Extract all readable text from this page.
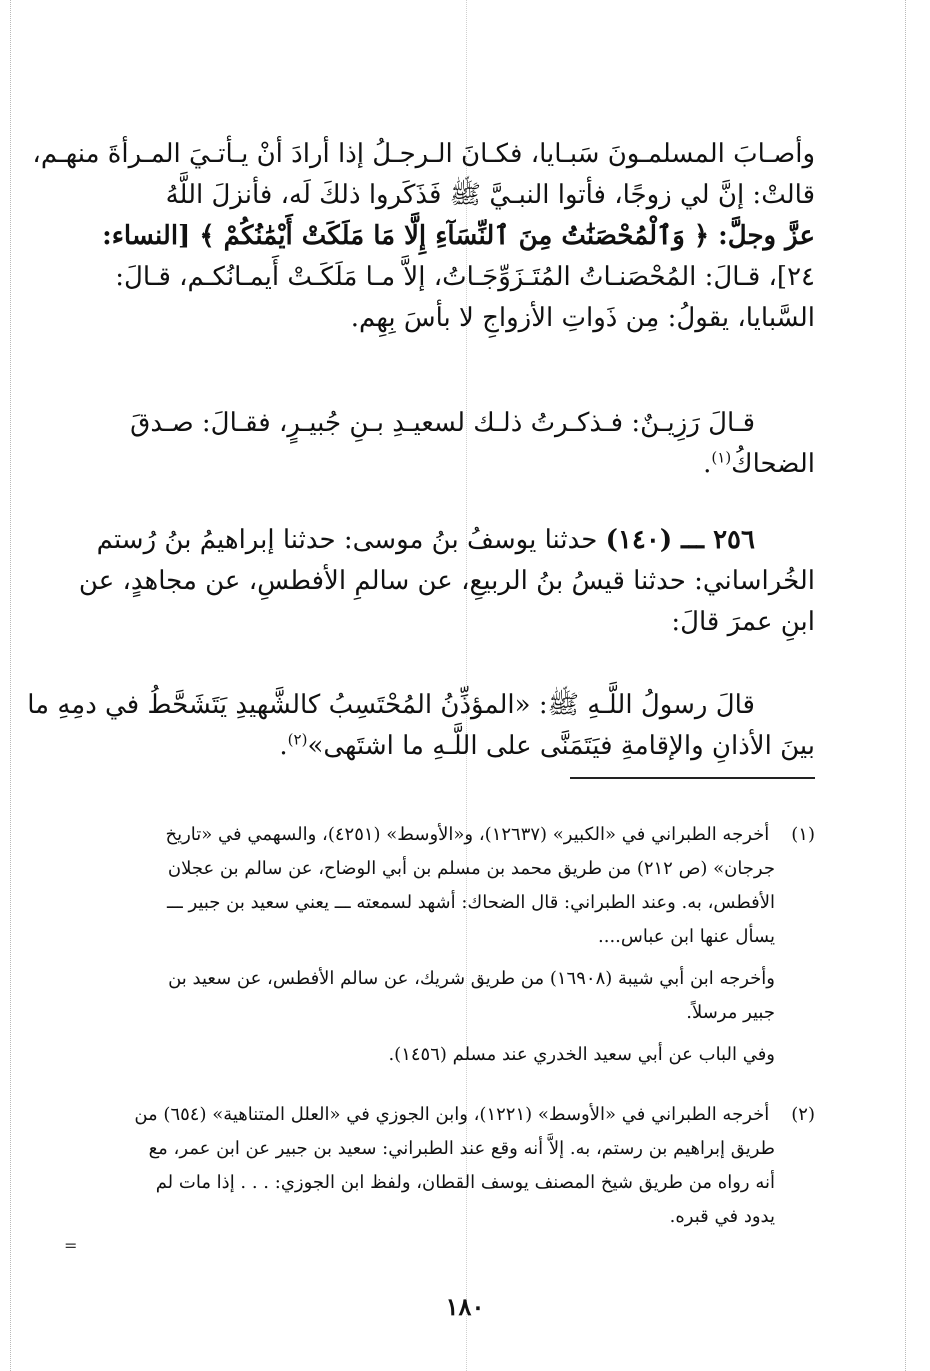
وأصـابَ المسلمـونَ سَبـايا، فكـانَ الـرجـلُ إذا أرادَ أنْ يـأتـيَ المـرأةَ منهـم،
قالتْ: إنَّ لي زوجًا، فأتوا النبـيَّ ﷺ فَذَكَروا ذلكَ لَه، فأنزلَ اللَّهُ
عزَّ وجلَّ: ﴿ وَٱلْمُحْصَنَٰتُ مِنَ ٱلنِّسَآءِ إِلَّا مَا مَلَكَتْ أَيْمَٰنُكُمْ ﴾ [النساء:
٢٤]، قـالَ: المُحْصَنـاتُ المُتَـزَوِّجَـاتُ، إلاَّ مـا مَلَكَـتْ أَيمـانُكـم، قـالَ:
السَّبايا، يقولُ: مِن ذَواتِ الأزواجِ لا بأسَ بِهِم.
قـالَ رَزِيـنٌ: فـذكـرتُ ذلـك لسعيـدِ بـنِ جُبيـرٍ، فقـالَ: صـدقَ
الضحاكُ$^{(١)}$.
٢٥٦ ـــ (١٤٠) حدثنا يوسفُ بنُ موسى: حدثنا إبراهيمُ بنُ رُستم
الخُراساني: حدثنا قيسُ بنُ الربيعِ، عن سالمِ الأفطسِ، عن مجاهدٍ، عن
ابنِ عمرَ قالَ:
قالَ رسولُ اللَّـهِ ﷺ: «المؤذِّنُ المُحْتَسِبُ كالشَّهيدِ يَتَشَحَّطُ في دمِهِ ما
بينَ الأذانِ والإقامةِ فيَتَمَنَّى على اللَّـهِ ما اشتَهى»$^{(٢)}$.
(١) أخرجه الطبراني في «الكبير» (١٢٦٣٧)، و«الأوسط» (٤٢٥١)، والسهمي في «تاريخ
جرجان» (ص ٢١٢) من طريق محمد بن مسلم بن أبي الوضاح، عن سالم بن عجلان
الأفطس، به. وعند الطبراني: قال الضحاك: أشهد لسمعته ـــ يعني سعيد بن جبير ـــ
يسأل عنها ابن عباس....
وأخرجه ابن أبي شيبة (١٦٩٠٨) من طريق شريك، عن سالم الأفطس، عن سعيد بن
جبير مرسلاً.
وفي الباب عن أبي سعيد الخدري عند مسلم (١٤٥٦).
(٢) أخرجه الطبراني في «الأوسط» (١٢٢١)، وابن الجوزي في «العلل المتناهية» (٦٥٤) من
طريق إبراهيم بن رستم، به. إلاَّ أنه وقع عند الطبراني: سعيد بن جبير عن ابن عمر، مع
أنه رواه من طريق شيخ المصنف يوسف القطان، ولفظ ابن الجوزي: . . . إذا مات لم
يدود في قبره.
=
١٨٠
